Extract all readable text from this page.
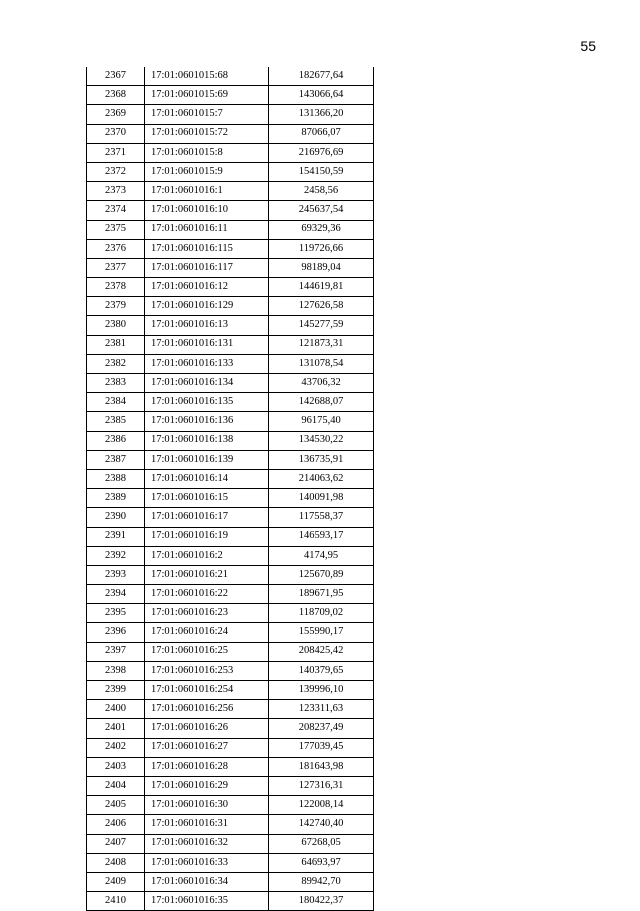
55
2367	17:01:0601015:68	182677,64
2368	17:01:0601015:69	143066,64
2369	17:01:0601015:7	131366,20
2370	17:01:0601015:72	87066,07
2371	17:01:0601015:8	216976,69
2372	17:01:0601015:9	154150,59
2373	17:01:0601016:1	2458,56
2374	17:01:0601016:10	245637,54
2375	17:01:0601016:11	69329,36
2376	17:01:0601016:115	119726,66
2377	17:01:0601016:117	98189,04
2378	17:01:0601016:12	144619,81
2379	17:01:0601016:129	127626,58
2380	17:01:0601016:13	145277,59
2381	17:01:0601016:131	121873,31
2382	17:01:0601016:133	131078,54
2383	17:01:0601016:134	43706,32
2384	17:01:0601016:135	142688,07
2385	17:01:0601016:136	96175,40
2386	17:01:0601016:138	134530,22
2387	17:01:0601016:139	136735,91
2388	17:01:0601016:14	214063,62
2389	17:01:0601016:15	140091,98
2390	17:01:0601016:17	117558,37
2391	17:01:0601016:19	146593,17
2392	17:01:0601016:2	4174,95
2393	17:01:0601016:21	125670,89
2394	17:01:0601016:22	189671,95
2395	17:01:0601016:23	118709,02
2396	17:01:0601016:24	155990,17
2397	17:01:0601016:25	208425,42
2398	17:01:0601016:253	140379,65
2399	17:01:0601016:254	139996,10
2400	17:01:0601016:256	123311,63
2401	17:01:0601016:26	208237,49
2402	17:01:0601016:27	177039,45
2403	17:01:0601016:28	181643,98
2404	17:01:0601016:29	127316,31
2405	17:01:0601016:30	122008,14
2406	17:01:0601016:31	142740,40
2407	17:01:0601016:32	67268,05
2408	17:01:0601016:33	64693,97
2409	17:01:0601016:34	89942,70
2410	17:01:0601016:35	180422,37
